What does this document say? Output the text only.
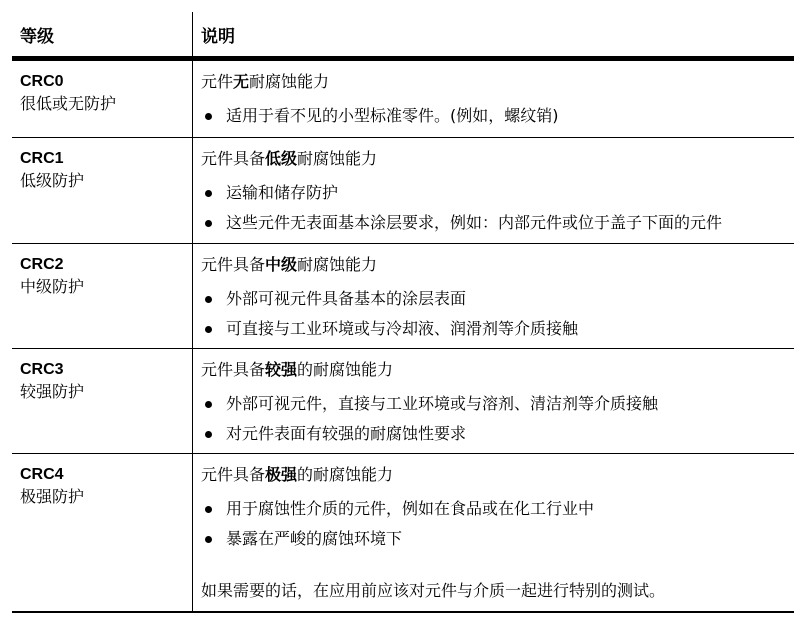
等级	说明
CRC0
很低或无防护
元件无耐腐蚀能力
适用于看不见的小型标准零件。(例如，螺纹销)
CRC1
低级防护
元件具备低级耐腐蚀能力
运输和储存防护
这些元件无表面基本涂层要求，例如：内部元件或位于盖子下面的元件
CRC2
中级防护
元件具备中级耐腐蚀能力
外部可视元件具备基本的涂层表面
可直接与工业环境或与冷却液、润滑剂等介质接触
CRC3
较强防护
元件具备较强的耐腐蚀能力
外部可视元件，直接与工业环境或与溶剂、清洁剂等介质接触
对元件表面有较强的耐腐蚀性要求
CRC4
极强防护
元件具备极强的耐腐蚀能力
用于腐蚀性介质的元件，例如在食品或在化工行业中
暴露在严峻的腐蚀环境下
如果需要的话，在应用前应该对元件与介质一起进行特别的测试。
